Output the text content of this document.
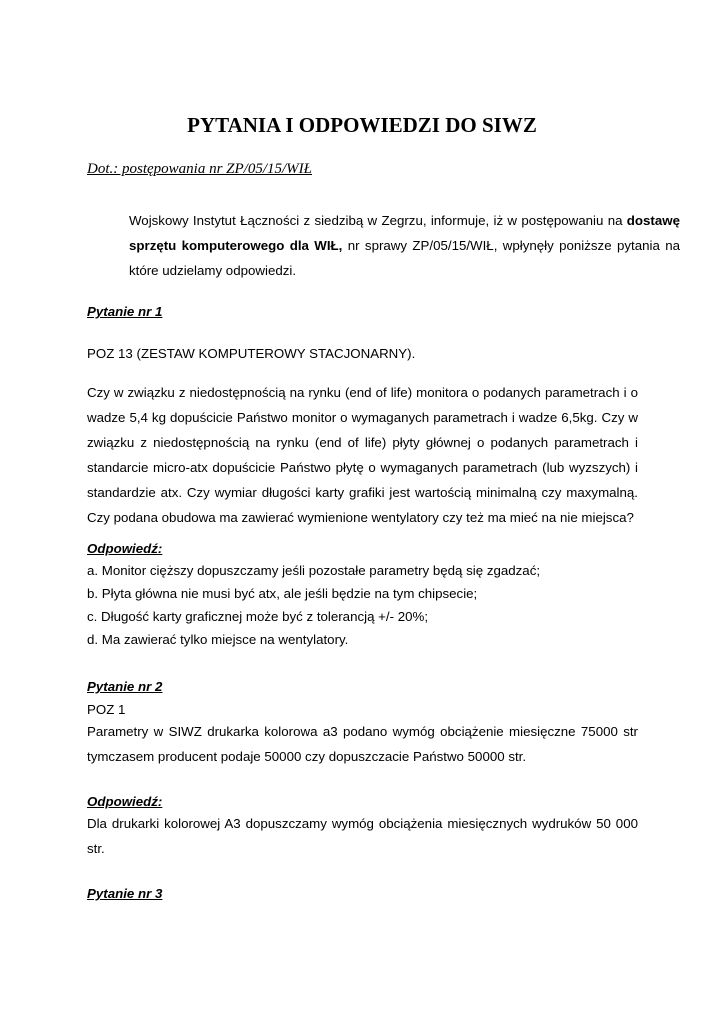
PYTANIA I ODPOWIEDZI DO SIWZ
Dot.: postępowania nr ZP/05/15/WIŁ
Wojskowy Instytut Łączności z siedzibą w Zegrzu, informuje, iż w postępowaniu na dostawę sprzętu komputerowego dla WIŁ, nr sprawy ZP/05/15/WIŁ, wpłynęły poniższe pytania na które udzielamy odpowiedzi.
Pytanie nr 1
POZ 13 (ZESTAW KOMPUTEROWY STACJONARNY).
Czy w związku z niedostępnością na rynku (end of life) monitora o podanych parametrach i o wadze 5,4 kg dopuścicie Państwo monitor o wymaganych parametrach i wadze 6,5kg. Czy w związku z niedostępnością na rynku (end of life) płyty głównej o podanych parametrach i standarcie micro-atx dopuścicie Państwo płytę o wymaganych parametrach (lub wyzszych) i standardzie atx. Czy wymiar długości karty grafiki jest wartością minimalną czy maxymalną. Czy podana obudowa ma zawierać wymienione wentylatory czy też ma mieć na nie miejsca?
Odpowiedź:
a. Monitor cięższy dopuszczamy jeśli pozostałe parametry będą się zgadzać;
b. Płyta główna nie musi być atx, ale jeśli będzie na tym chipsecie;
c. Długość karty graficznej może być z tolerancją +/- 20%;
d. Ma zawierać tylko miejsce na wentylatory.
Pytanie nr 2
POZ 1
Parametry w SIWZ drukarka kolorowa a3 podano wymóg obciążenie miesięczne 75000 str tymczasem producent podaje 50000 czy dopuszczacie Państwo 50000 str.
Odpowiedź:
Dla drukarki kolorowej A3 dopuszczamy wymóg obciążenia miesięcznych wydruków 50 000 str.
Pytanie nr 3
